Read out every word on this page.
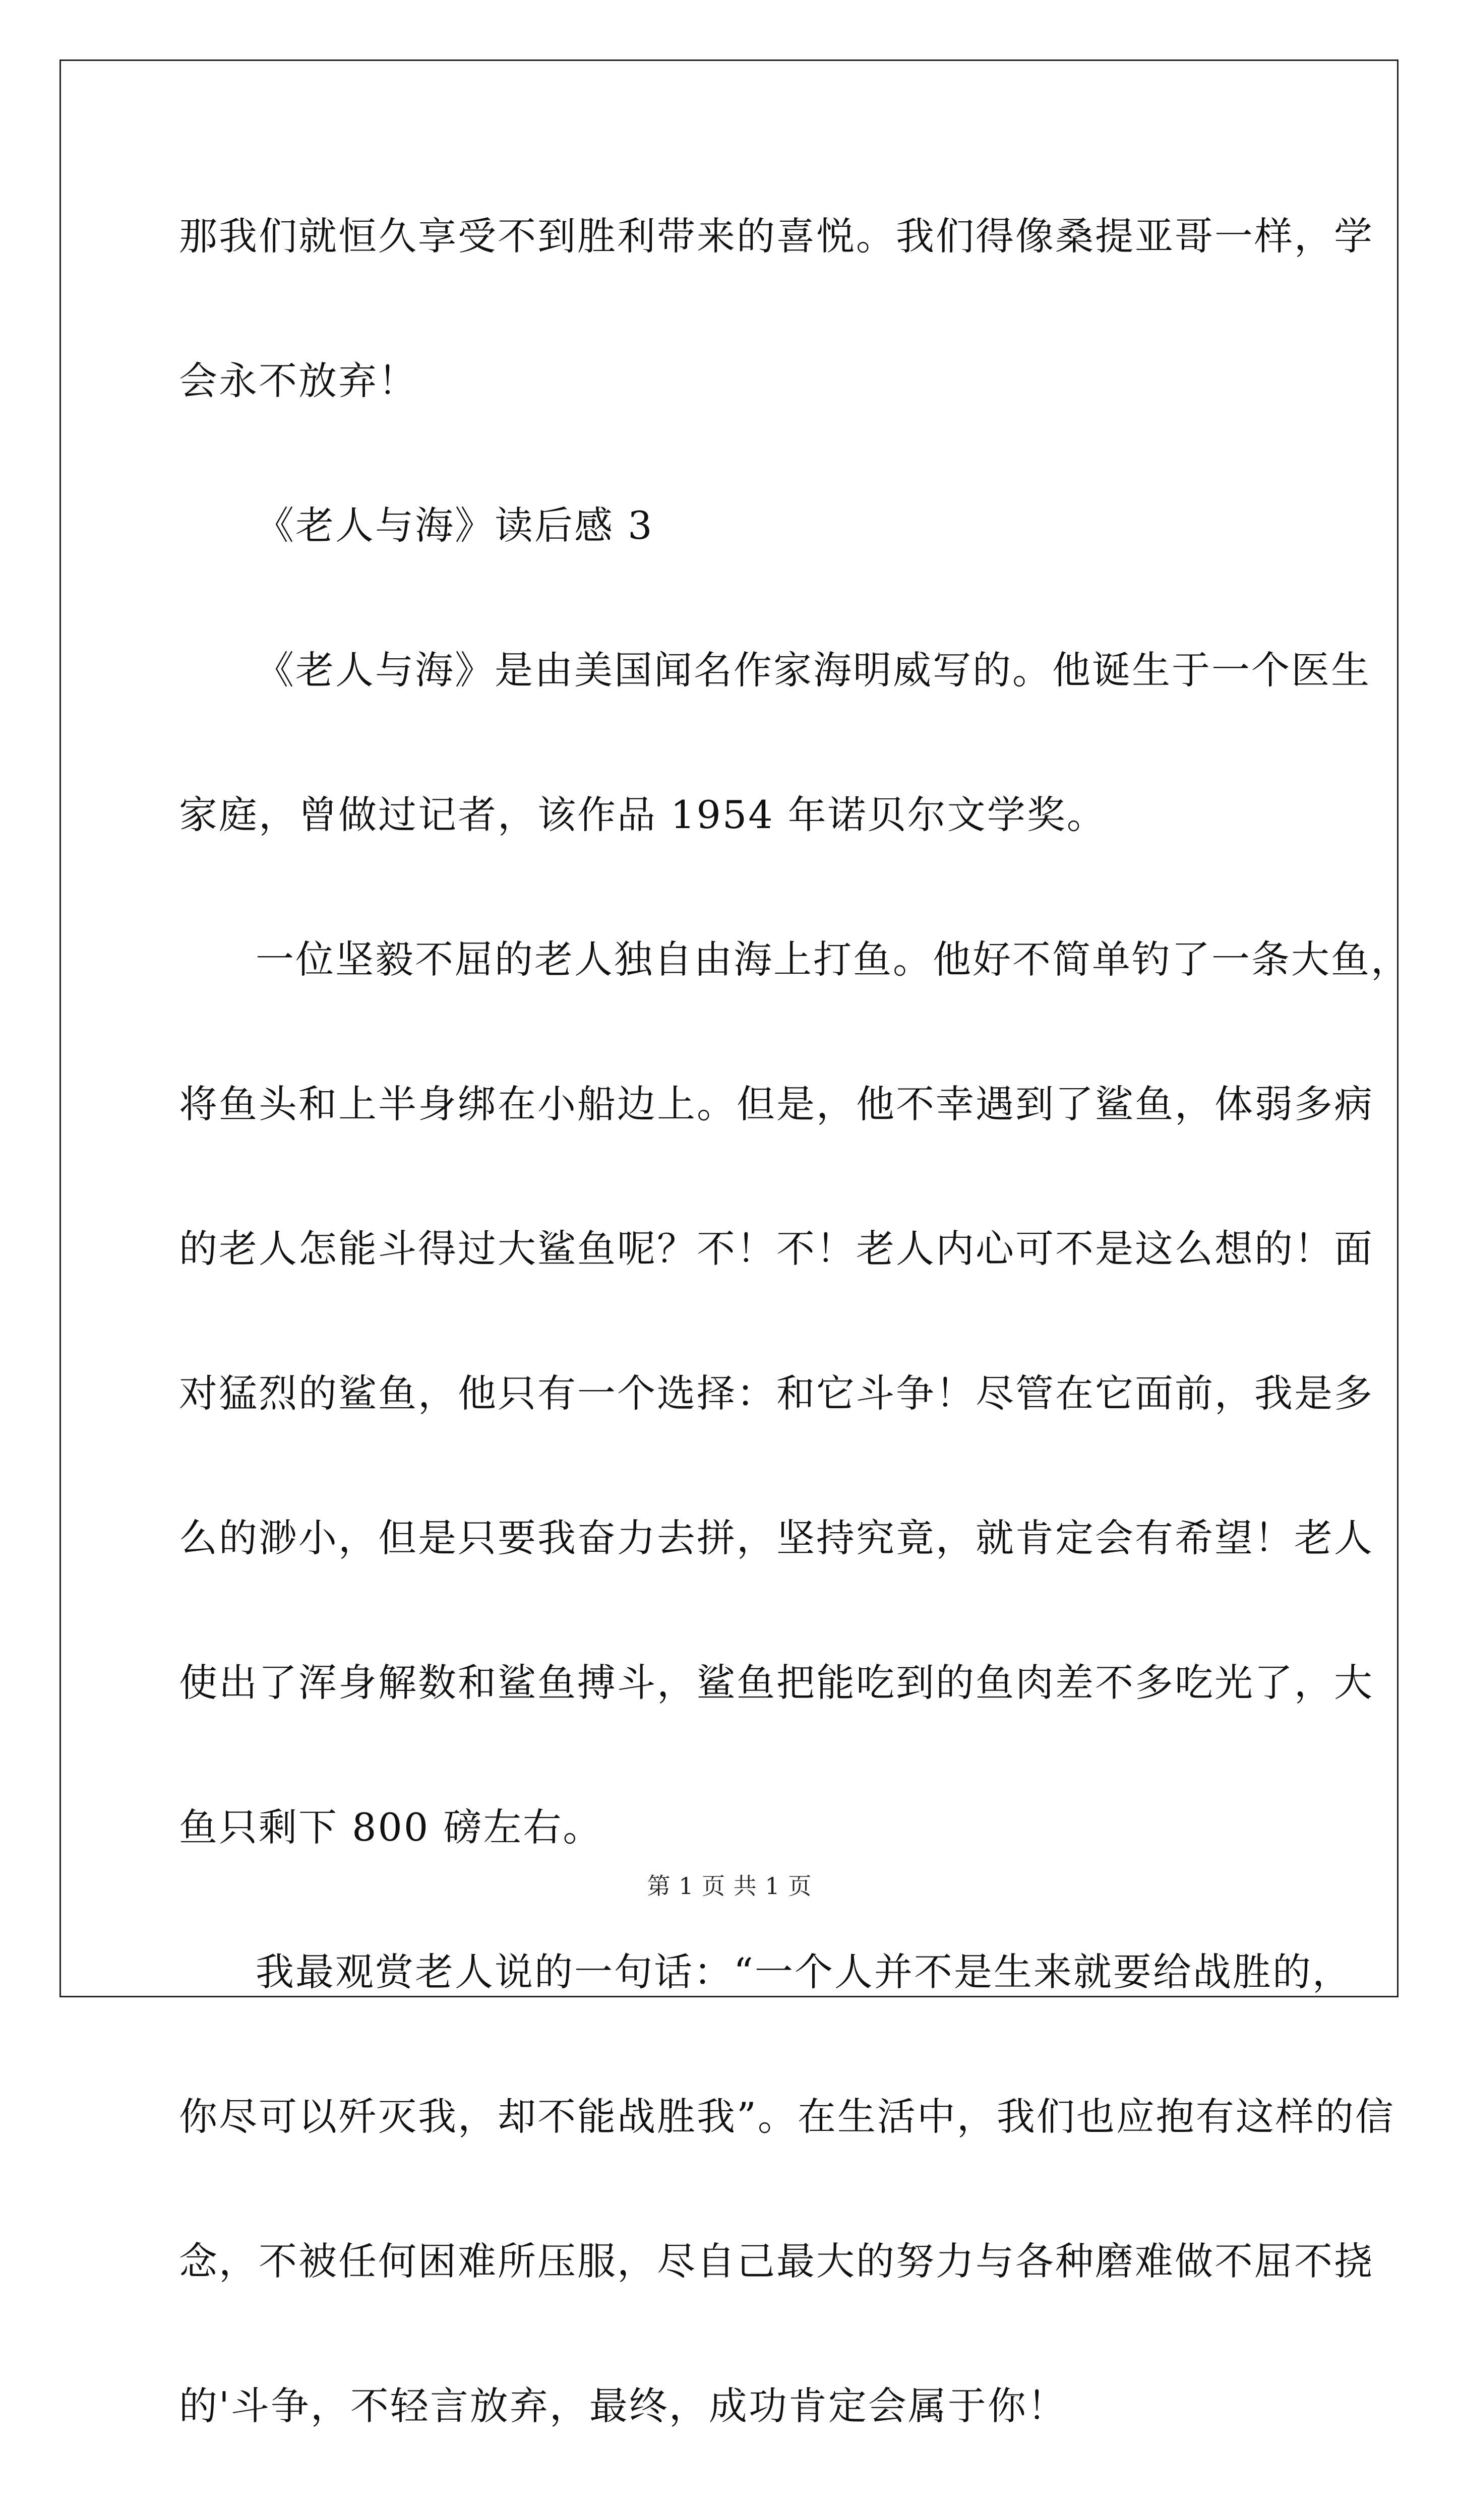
那我们就恒久享受不到胜利带来的喜悦。我们得像桑提亚哥一样，学
会永不放弃！
《老人与海》读后感 3
《老人与海》是由美国闻名作家海明威写的。他诞生于一个医生
家庭，曾做过记者，该作品 1954 年诺贝尔文学奖。
一位坚毅不屈的老人独自由海上打鱼。他好不简单钓了一条大鱼，
将鱼头和上半身绑在小船边上。但是，他不幸遇到了鲨鱼，体弱多病
的老人怎能斗得过大鲨鱼呢？不！不！老人内心可不是这么想的！面
对猛烈的鲨鱼，他只有一个选择：和它斗争！尽管在它面前，我是多
么的渺小，但是只要我奋力去拼，坚持究竟，就肯定会有希望！老人
使出了浑身解数和鲨鱼搏斗，鲨鱼把能吃到的鱼肉差不多吃光了，大
鱼只剩下 800 磅左右。
我最观赏老人说的一句话：“一个人并不是生来就要给战胜的，
你尽可以歼灭我，却不能战胜我”。在生活中，我们也应抱有这样的信
念，不被任何困难所压服，尽自己最大的努力与各种磨难做不屈不挠
的'斗争，不轻言放弃，最终，成功肯定会属于你！
第 1 页 共 1 页
